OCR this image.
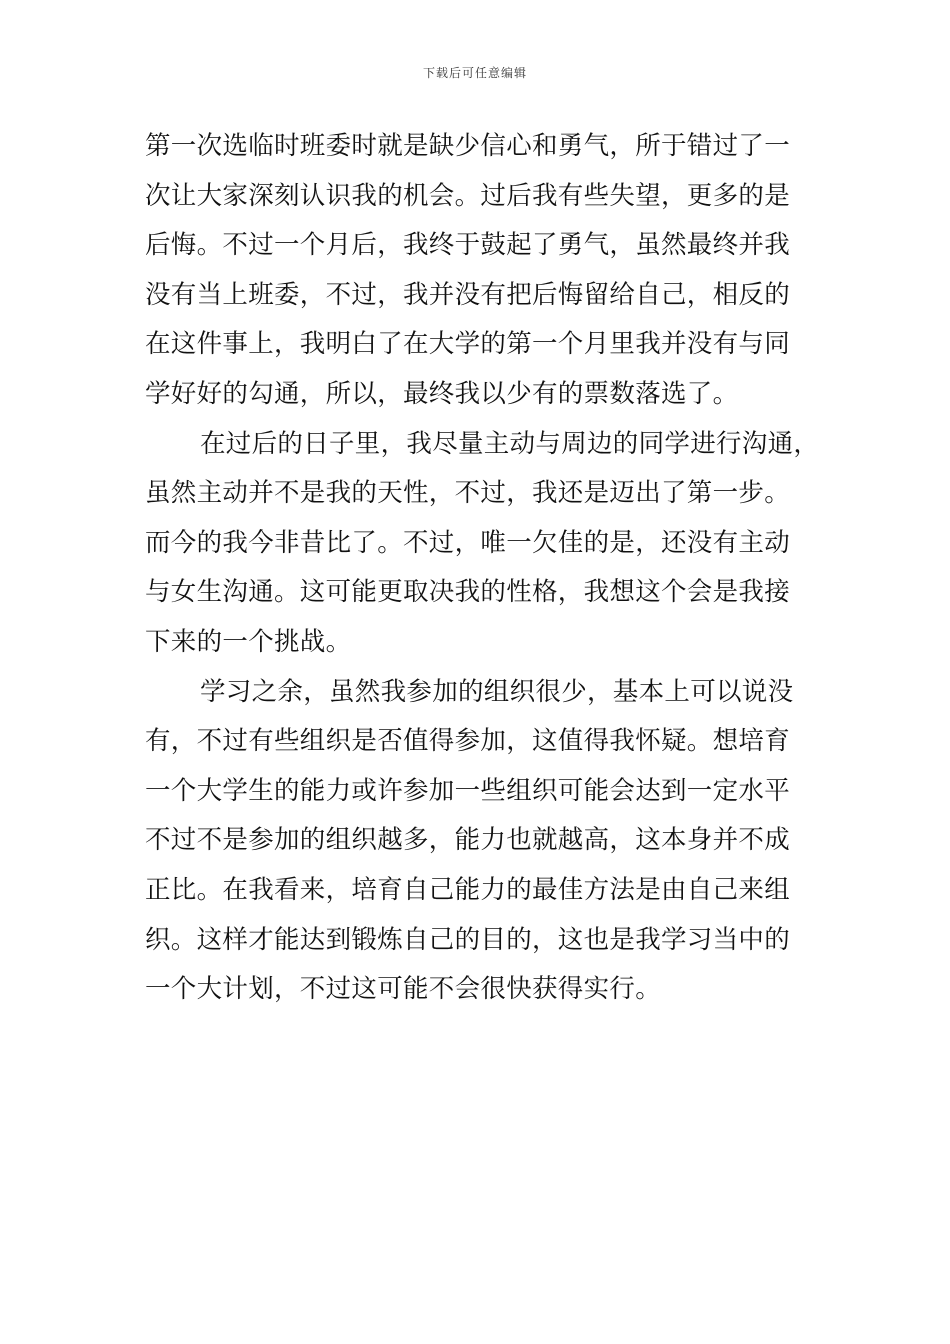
下载后可任意编辑
第一次选临时班委时就是缺少信心和勇气，所于错过了一
次让大家深刻认识我的机会。过后我有些失望，更多的是
后悔。不过一个月后，我终于鼓起了勇气，虽然最终并我
没有当上班委，不过，我并没有把后悔留给自己，相反的
在这件事上，我明白了在大学的第一个月里我并没有与同
学好好的勾通，所以，最终我以少有的票数落选了。
在过后的日子里，我尽量主动与周边的同学进行沟通，
虽然主动并不是我的天性，不过，我还是迈出了第一步。
而今的我今非昔比了。不过，唯一欠佳的是，还没有主动
与女生沟通。这可能更取决我的性格，我想这个会是我接
下来的一个挑战。
学习之余，虽然我参加的组织很少，基本上可以说没
有，不过有些组织是否值得参加，这值得我怀疑。想培育
一个大学生的能力或许参加一些组织可能会达到一定水平
不过不是参加的组织越多，能力也就越高，这本身并不成
正比。在我看来，培育自己能力的最佳方法是由自己来组
织。这样才能达到锻炼自己的目的，这也是我学习当中的
一个大计划，不过这可能不会很快获得实行。
